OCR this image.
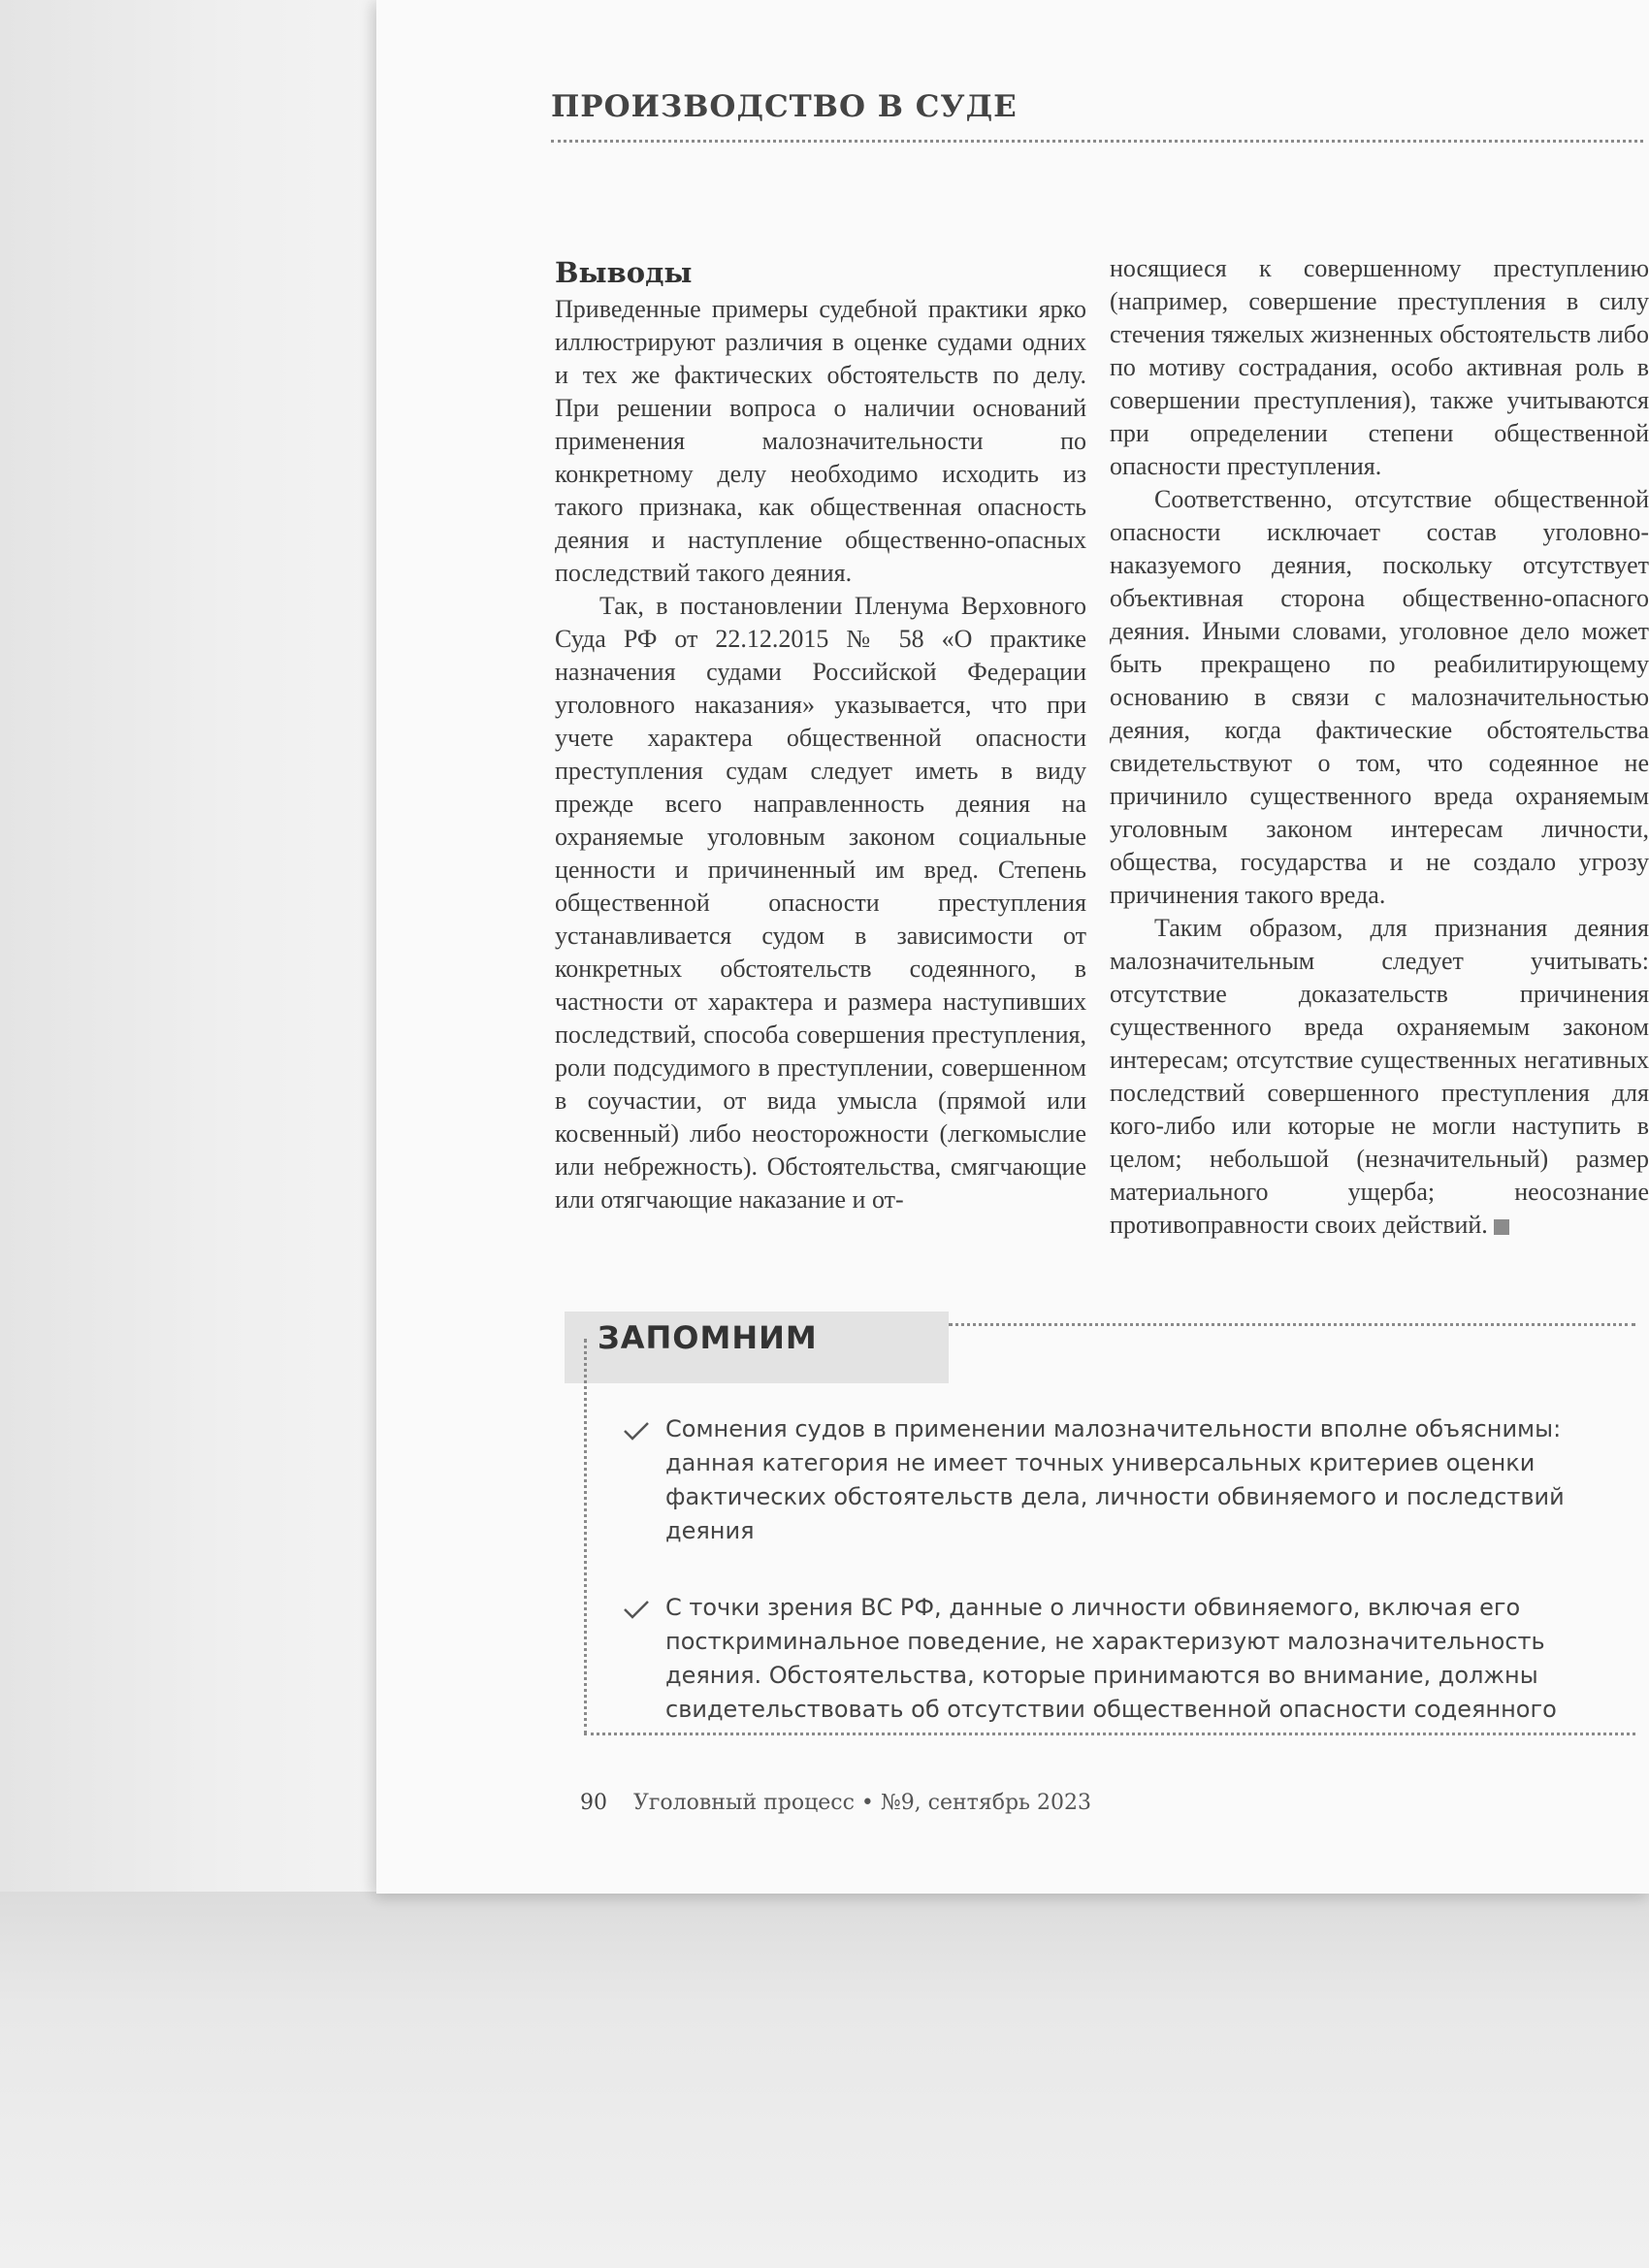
ПРОИЗВОДСТВО В СУДЕ
Выводы

Приведенные примеры судебной практики ярко иллюстрируют различия в оценке судами одних и тех же фактических обстоятельств по делу. При решении вопроса о наличии оснований применения малозначительности по конкретному делу необходимо исходить из такого признака, как общественная опасность деяния и наступление общественно-опасных последствий такого деяния.

Так, в постановлении Пленума Верховного Суда РФ от 22.12.2015 № 58 «О практике назначения судами Российской Федерации уголовного наказания» указывается, что при учете характера общественной опасности преступления судам следует иметь в виду прежде всего направленность деяния на охраняемые уголовным законом социальные ценности и причиненный им вред. Степень общественной опасности преступления устанавливается судом в зависимости от конкретных обстоятельств содеянного, в частности от характера и размера наступивших последствий, способа совершения преступления, роли подсудимого в преступлении, совершенном в соучастии, от вида умысла (прямой или косвенный) либо неосторожности (легкомыслие или небрежность). Обстоятельства, смягчающие или отягчающие наказание и от-

носящиеся к совершенному преступлению (например, совершение преступления в силу стечения тяжелых жизненных обстоятельств либо по мотиву сострадания, особо активная роль в совершении преступления), также учитываются при определении степени общественной опасности преступления.

Соответственно, отсутствие общественной опасности исключает состав уголовно-наказуемого деяния, поскольку отсутствует объективная сторона общественно-опасного деяния. Иными словами, уголовное дело может быть прекращено по реабилитирующему основанию в связи с малозначительностью деяния, когда фактические обстоятельства свидетельствуют о том, что содеянное не причинило существенного вреда охраняемым уголовным законом интересам личности, общества, государства и не создало угрозу причинения такого вреда.

Таким образом, для признания деяния малозначительным следует учитывать: отсутствие доказательств причинения существенного вреда охраняемым законом интересам; отсутствие существенных негативных последствий совершенного преступления для кого-либо или которые не могли наступить в целом; небольшой (незначительный) размер материального ущерба; неосознание противоправности своих действий.

ЗАПОМНИМ
Сомнения судов в применении малозначительности вполне объяснимы: данная категория не имеет точных универсальных критериев оценки фактических обстоятельств дела, личности обвиняемого и последствий деяния
С точки зрения ВС РФ, данные о личности обвиняемого, включая его посткриминальное поведение, не характеризуют малозначительность деяния. Обстоятельства, которые принимаются во внимание, должны свидетельствовать об отсутствии общественной опасности содеянного
90 Уголовный процесс • №9, сентябрь 2023
